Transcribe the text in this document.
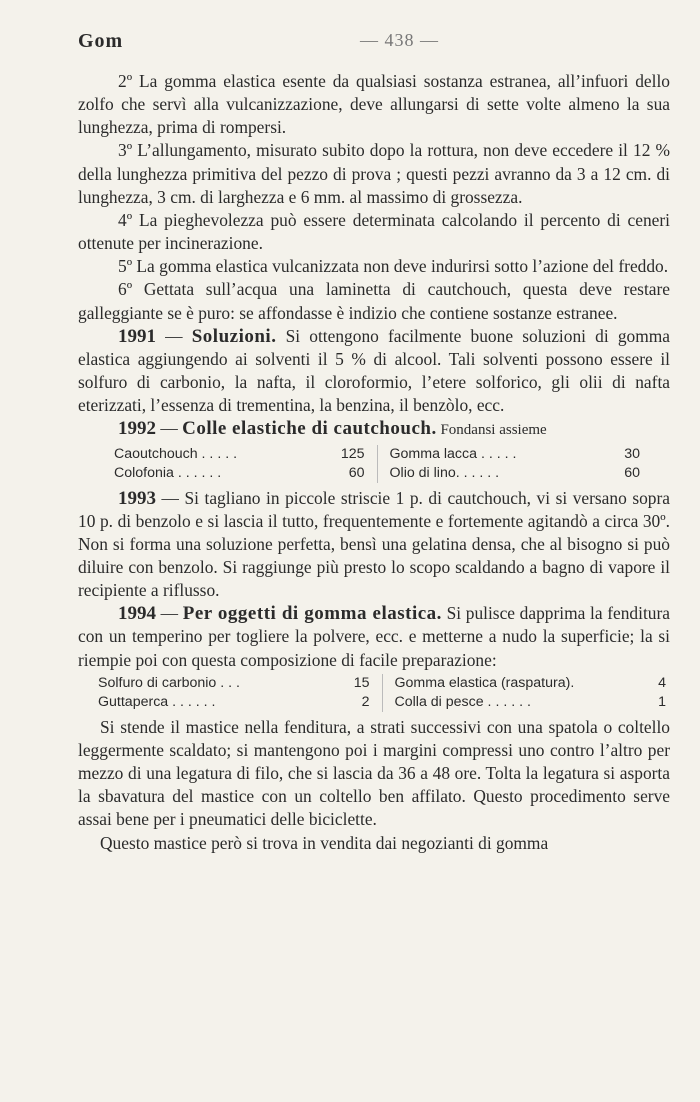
Gom	— 438 —

2º La gomma elastica esente da qualsiasi sostanza estranea, all’infuori dello zolfo che servì alla vulcanizzazione, deve allungarsi di sette volte almeno la sua lunghezza, prima di rompersi.

3º L’allungamento, misurato subito dopo la rottura, non deve eccedere il 12 % della lunghezza primitiva del pezzo di prova ; questi pezzi avranno da 3 a 12 cm. di lunghezza, 3 cm. di larghezza e 6 mm. al massimo di grossezza.

4º La pieghevolezza può essere determinata calcolando il percento di ceneri ottenute per incinerazione.

5º La gomma elastica vulcanizzata non deve indurirsi sotto l’azione del freddo.

6º Gettata sull’acqua una laminetta di cautchouch, questa deve restare galleggiante se è puro: se affondasse è indizio che contiene sostanze estranee.

1991 — Soluzioni. Si ottengono facilmente buone soluzioni di gomma elastica aggiungendo ai solventi il 5 % di alcool. Tali solventi possono essere il solfuro di carbonio, la nafta, il cloroformio, l’etere solforico, gli olii di nafta eterizzati, l’essenza di trementina, la benzina, il benzòlo, ecc.

1992 — Colle elastiche di cautchouch. Fondansi assieme

Caoutchouch . . . . .	125 Gomma lacca . . . . .	30
Colofonia . . . . . .	60 Olio di lino. . . . . .	60

1993 — Si tagliano in piccole striscie 1 p. di cautchouch, vi si versano sopra 10 p. di benzolo e si lascia il tutto, frequentemente e fortemente agitandò a circa 30º. Non si forma una soluzione perfetta, bensì una gelatina densa, che al bisogno si può diluire con benzolo. Si raggiunge più presto lo scopo scaldando a bagno di vapore il recipiente a riflusso.

1994 — Per oggetti di gomma elastica. Si pulisce dapprima la fenditura con un temperino per togliere la polvere, ecc. e metterne a nudo la superficie; la si riempie poi con questa composizione di facile preparazione:

Solfuro di carbonio . . .	15 Gomma elastica (raspatura).	4
Guttaperca . . . . . .	2 Colla di pesce . . . . . .	1

Si stende il mastice nella fenditura, a strati successivi con una spatola o coltello leggermente scaldato; si mantengono poi i margini compressi uno contro l’altro per mezzo di una legatura di filo, che si lascia da 36 a 48 ore. Tolta la legatura si asporta la sbavatura del mastice con un coltello ben affilato. Questo procedimento serve assai bene per i pneumatici delle biciclette.

Questo mastice però si trova in vendita dai negozianti di gomma
